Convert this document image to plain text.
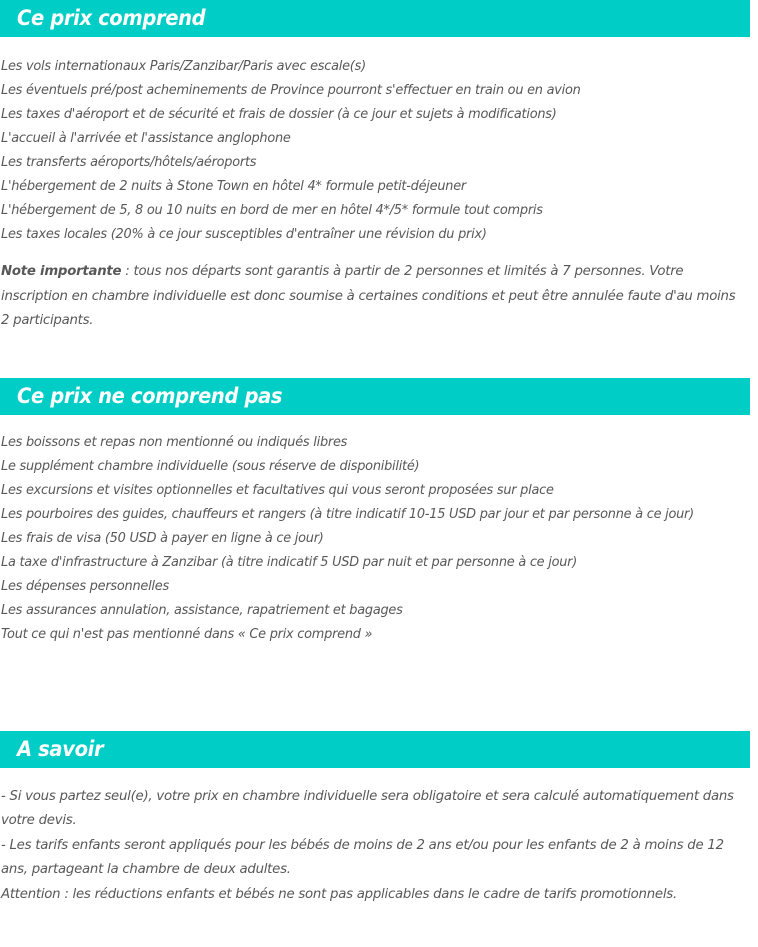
Ce prix comprend
Les vols internationaux Paris/Zanzibar/Paris avec escale(s)
Les éventuels pré/post acheminements de Province pourront s'effectuer en train ou en avion
Les taxes d'aéroport et de sécurité et frais de dossier (à ce jour et sujets à modifications)
L'accueil à l'arrivée et l'assistance anglophone
Les transferts aéroports/hôtels/aéroports
L'hébergement de 2 nuits à Stone Town en hôtel 4* formule petit-déjeuner
L'hébergement de 5, 8 ou 10 nuits en bord de mer en hôtel 4*/5* formule tout compris
Les taxes locales (20% à ce jour susceptibles d'entraîner une révision du prix)

Note importante : tous nos départs sont garantis à partir de 2 personnes et limités à 7 personnes. Votre inscription en chambre individuelle est donc soumise à certaines conditions et peut être annulée faute d'au moins 2 participants.

Ce prix ne comprend pas
Les boissons et repas non mentionné ou indiqués libres
Le supplément chambre individuelle (sous réserve de disponibilité)
Les excursions et visites optionnelles et facultatives qui vous seront proposées sur place
Les pourboires des guides, chauffeurs et rangers (à titre indicatif 10-15 USD par jour et par personne à ce jour)
Les frais de visa (50 USD à payer en ligne à ce jour)
La taxe d'infrastructure à Zanzibar (à titre indicatif 5 USD par nuit et par personne à ce jour)
Les dépenses personnelles
Les assurances annulation, assistance, rapatriement et bagages
Tout ce qui n'est pas mentionné dans « Ce prix comprend »
A savoir

- Si vous partez seul(e), votre prix en chambre individuelle sera obligatoire et sera calculé automatiquement dans votre devis.

- Les tarifs enfants seront appliqués pour les bébés de moins de 2 ans et/ou pour les enfants de 2 à moins de 12 ans, partageant la chambre de deux adultes.

Attention : les réductions enfants et bébés ne sont pas applicables dans le cadre de tarifs promotionnels.
